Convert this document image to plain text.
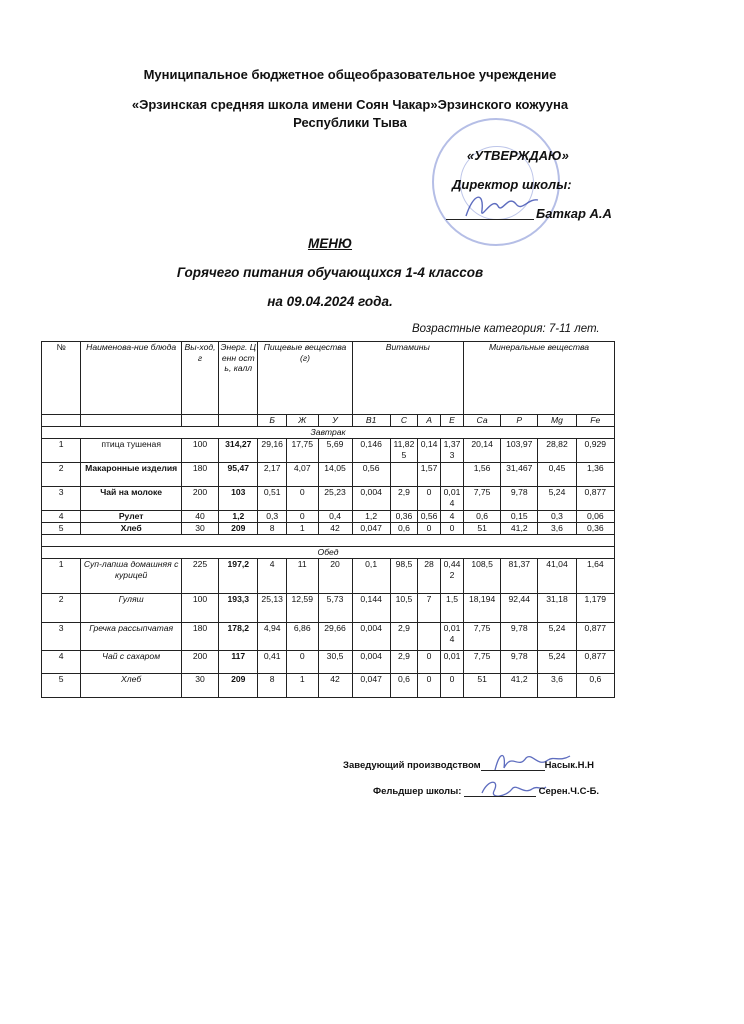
Муниципальное бюджетное общеобразовательное учреждение
«Эрзинская средняя школа имени Соян Чакар»Эрзинского кожууна
Республики Тыва
«УТВЕРЖДАЮ»
Директор школы:
Баткар А.А
МЕНЮ
Горячего питания обучающихся 1-4 классов
на 09.04.2024 года.
Возрастные категория: 7-11 лет.
№	Наименова-ние блюда	Вы-ход,г	Энерг. Ценн ость, калл	Пищевые вещества (г)			Витамины				Минеральные вещества			
				Б	Ж	У	В1	С	А	Е	Са	Р	Mg	Fe
Завтрак														
1	птица тушеная	100	314,27	29,16	17,75	5,69	0,146	11,825	0,14	1,373	20,14	103,97	28,82	0,929
2	Макаронные изделия	180	95,47	2,17	4,07	14,05	0,56		1,57		1,56	31,467	0,45	1,36
3	Чай на молоке	200	103	0,51	0	25,23	0,004	2,9	0	0,014	7,75	9,78	5,24	0,877
4	Рулет	40	1,2	0,3	0	0,4	1,2	0,36	0,56	4	0,6	0,15	0,3	0,06
5	Хлеб	30	209	8	1	42	0,047	0,6	0	0	51	41,2	3,6	0,36

Обед														
1	Суп-лапша домашняя с курицей	225	197,2	4	11	20	0,1	98,5	28	0,442	108,5	81,37	41,04	1,64
2	Гуляш	100	193,3	25,13	12,59	5,73	0,144	10,5	7	1,5	18,194	92,44	31,18	1,179
3	Гречка рассыпчатая	180	178,2	4,94	6,86	29,66	0,004	2,9		0,014	7,75	9,78	5,24	0,877
4	Чай с сахаром	200	117	0,41	0	30,5	0,004	2,9	0	0,01	7,75	9,78	5,24	0,877
5	Хлеб	30	209	8	1	42	0,047	0,6	0	0	51	41,2	3,6	0,6
Заведующий производством	Насык.Н.Н
Фельдшер школы:	Серен.Ч.С-Б.
